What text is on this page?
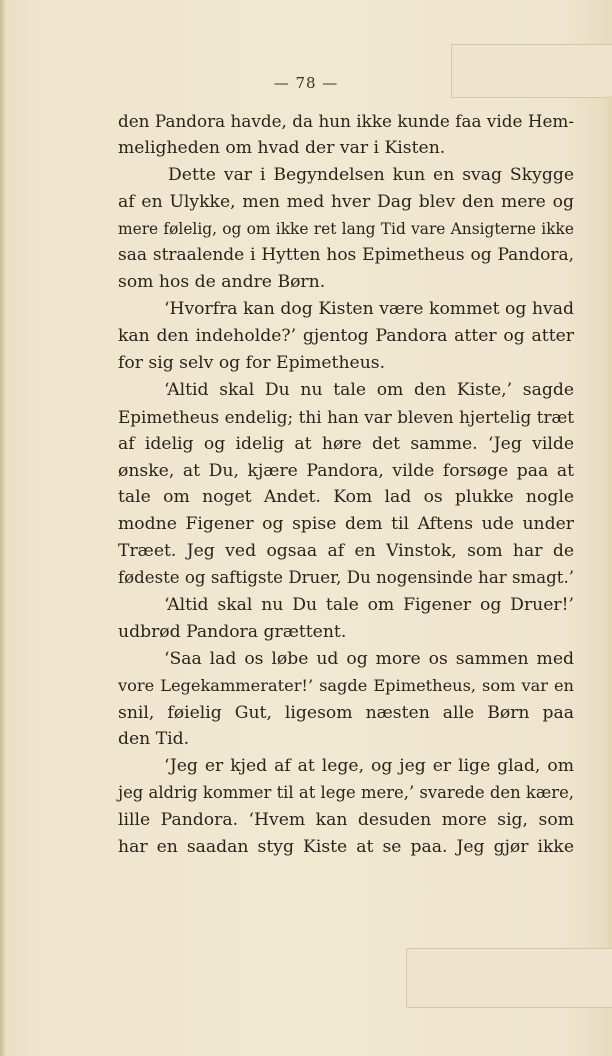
— 78 —
den Pandora havde, da hun ikke kunde faa vide Hem-
meligheden om hvad der var i Kisten.
Dette var i Begyndelsen kun en svag Skygge
af en Ulykke, men med hver Dag blev den mere og
mere følelig, og om ikke ret lang Tid vare Ansigterne ikke
saa straalende i Hytten hos Epimetheus og Pandora,
som hos de andre Børn.
‘Hvorfra kan dog Kisten være kommet og hvad
kan den indeholde?’ gjentog Pandora atter og atter
for sig selv og for Epimetheus.
‘Altid skal Du nu tale om den Kiste,’ sagde
Epimetheus endelig; thi han var bleven hjertelig træt
af idelig og idelig at høre det samme. ‘Jeg vilde
ønske, at Du, kjære Pandora, vilde forsøge paa at
tale om noget Andet. Kom lad os plukke nogle
modne Figener og spise dem til Aftens ude under
Træet. Jeg ved ogsaa af en Vinstok, som har de
fødeste og saftigste Druer, Du nogensinde har smagt.’
‘Altid skal nu Du tale om Figener og Druer!’
udbrød Pandora grættent.
‘Saa lad os løbe ud og more os sammen med
vore Legekammerater!’ sagde Epimetheus, som var en
snil, føielig Gut, ligesom næsten alle Børn paa
den Tid.
‘Jeg er kjed af at lege, og jeg er lige glad, om
jeg aldrig kommer til at lege mere,’ svarede den kære,
lille Pandora. ‘Hvem kan desuden more sig, som
har en saadan styg Kiste at se paa. Jeg gjør ikke
